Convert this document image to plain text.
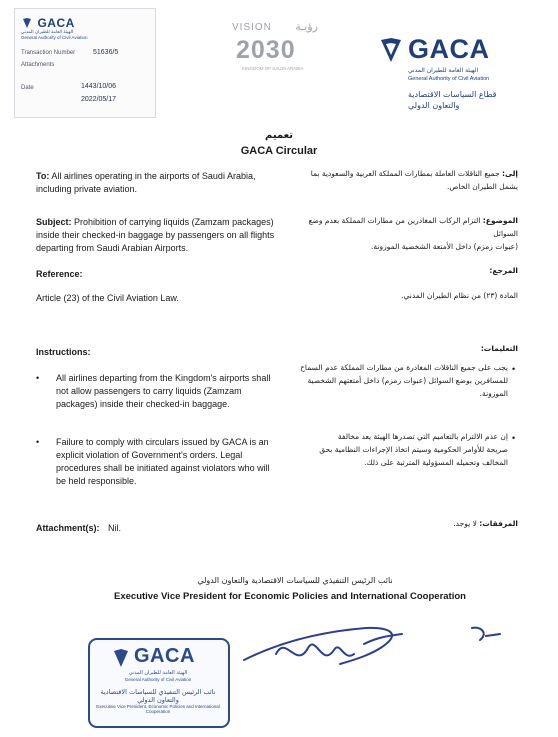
GACA
الهيئة العامة للطيران المدني
General Authority of Civil Aviation
Transaction Number	51636/5
Attachments
Date	1443/10/06
2022/05/17
VISION رؤيـة
2030
KINGDOM OF SAUDI ARABIA
GACA
الهيئة العامة للطيران المدني
General Authority of Civil Aviation
قطاع السياسات الاقتصادية
والتعاون الدولي
تعميم
GACA Circular
To: All airlines operating in the airports of Saudi Arabia,
including private aviation.
إلى: جميع الناقلات العاملة بمطارات المملكة العربية والسعودية بما
يشمل الطيران الخاص.
Subject: Prohibition of carrying liquids (Zamzam packages)
inside their checked-in baggage by passengers on all flights
departing from Saudi Arabian Airports.
الموضوع: التزام الركاب المغادرين من مطارات المملكة بعدم وضع السوائل
(عبوات زمزم) داخل الأمتعة الشخصية الموزونة.
Reference:
Article (23) of the Civil Aviation Law.
المرجع:
المادة (٢٣) من نظام الطيران المدني.
Instructions:	التعليمات:
• All airlines departing from the Kingdom's airports shall
not allow passengers to carry liquids (Zamzam
packages) inside their checked-in baggage.
• Failure to comply with circulars issued by GACA is an
explicit violation of Government's orders. Legal
procedures shall be initiated against violators who will
be held responsible.
•
يجب على جميع الناقلات المغادرة من مطارات المملكة عدم السماح
للمسافرين بوضع السوائل (عبوات زمزم) داخل أمتعتهم الشخصية
الموزونة.
•
إن عدم الالتزام بالتعاميم التي تصدرها الهيئة يعد مخالفة
صريحة للأوامر الحكومية وسيتم اتخاذ الإجراءات النظامية بحق
المخالف وتحميله المسؤولية المترتبة على ذلك.
Attachment(s): Nil.	المرفقات: لا يوجد.
نائب الرئيس التنفيذي للسياسات الاقتصادية والتعاون الدولي
Executive Vice President for Economic Policies and International Cooperation
GACA
الهيئة العامة للطيران المدني
General Authority of Civil Aviation
نائب الرئيس التنفيذي للسياسات الاقتصادية والتعاون الدولي
Executive Vice President, Economic Policies and International Cooperation
